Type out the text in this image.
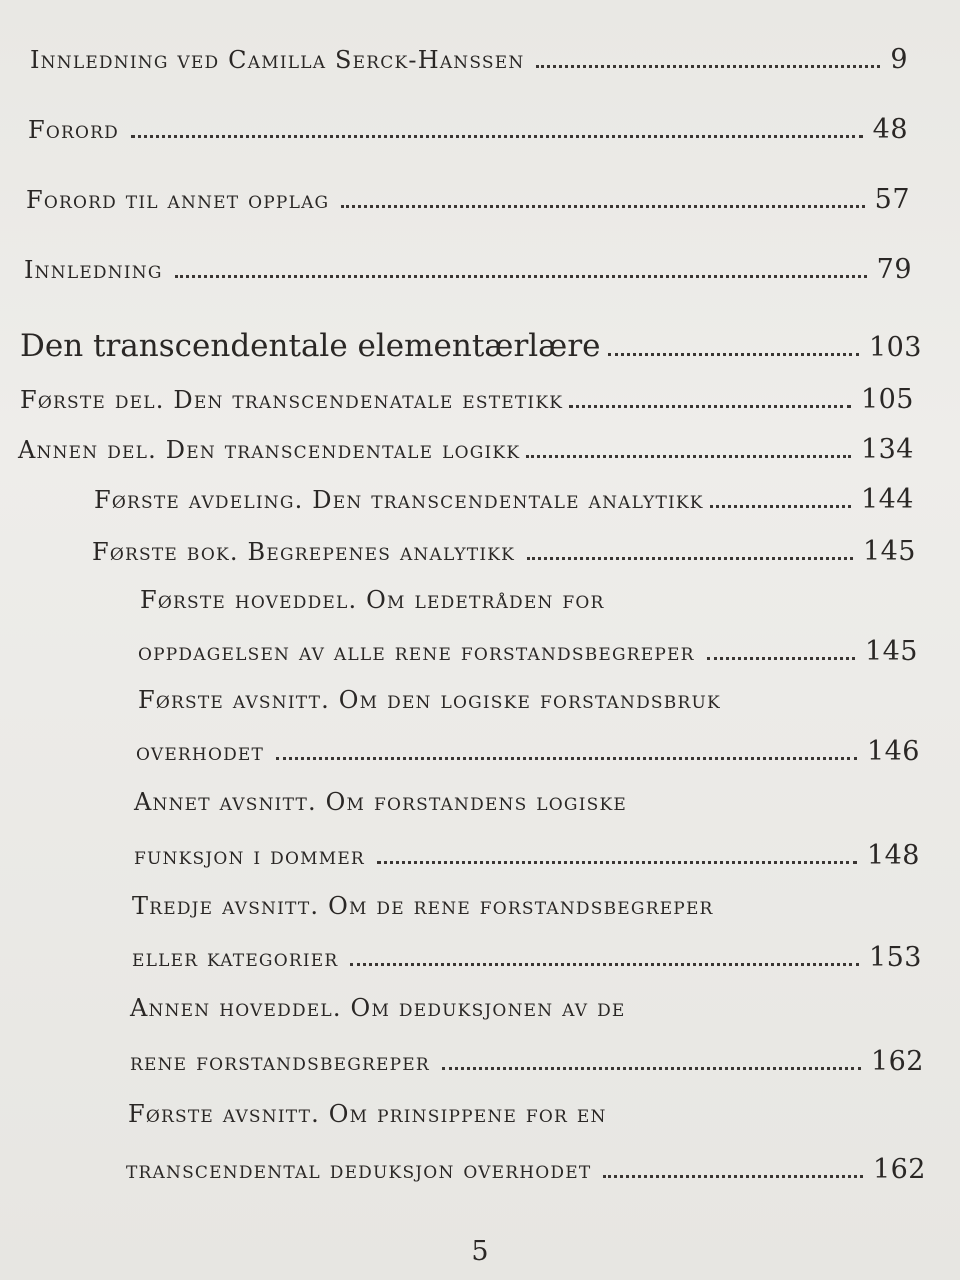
Innledning ved Camilla Serck-Hanssen	9
Forord	48
Forord til annet opplag	57
Innledning	79
Den transcendentale elementærlære	103
Første del. Den transcendenatale estetikk	105
Annen del. Den transcendentale logikk	134
Første avdeling. Den transcendentale analytikk	144
Første bok. Begrepenes analytikk	145
Første hoveddel. Om ledetråden for
oppdagelsen av alle rene forstandsbegreper	145
Første avsnitt. Om den logiske forstandsbruk
overhodet	146
Annet avsnitt. Om forstandens logiske
funksjon i dommer	148
Tredje avsnitt. Om de rene forstandsbegreper
eller kategorier	153
Annen hoveddel. Om deduksjonen av de
rene forstandsbegreper	162
Første avsnitt. Om prinsippene for en
transcendental deduksjon overhodet	162
5
